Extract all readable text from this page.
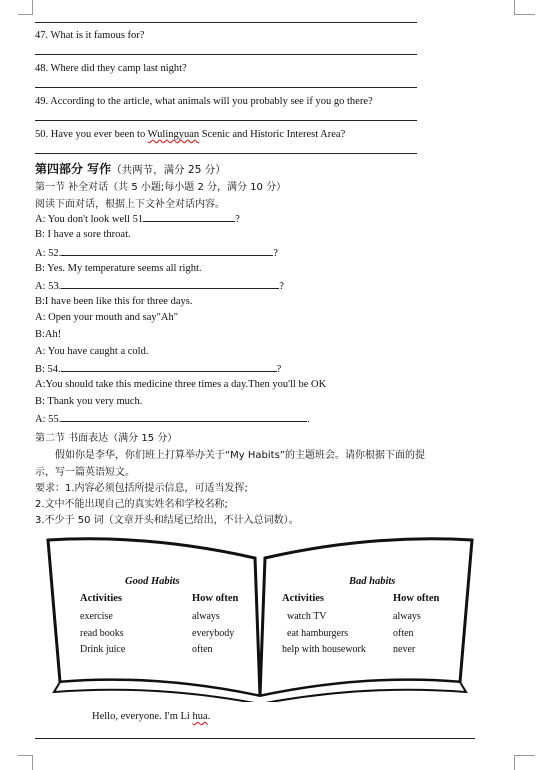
47. What is it famous for?
48. Where did they camp last night?
49. According to the article, what animals will you probably see if you go there?
50. Have you ever been to Wulingyuan Scenic and Historic Interest Area?
第四部分 写作（共两节，满分 25 分）
第一节 补全对话（共 5 小题;每小题 2 分，满分 10 分）
阅读下面对话，根据上下文补全对话内容。
A: You don't look well 51	?
B: I have a sore throat.
A: 52.	?
B: Yes. My temperature seems all right.
A: 53.	?
B:I have been like this for three days.
A: Open your mouth and say"Ah"
B:Ah!
A: You have caught a cold.
B: 54.	?
A:You should take this medicine three times a day.Then you'll be OK
B: Thank you very much.
A: 55.	.
第二节 书面表达（满分 15 分）
假如你是李华，你们班上打算举办关于“My Habits”的主题班会。请你根据下面的提
示，写一篇英语短文。
要求：1.内容必须包括所提示信息，可适当发挥;
2.文中不能出现自己的真实姓名和学校名称;
3.不少于 50 词（文章开头和结尾已给出，不计入总词数）。
Good Habits
Activities	How often
exercise	always
read books	everybody
Drink juice	often
Bad habits
Activities	How often
watch TV	always
eat hamburgers	often
help with housework	never
Hello, everyone. I'm Li hua.
